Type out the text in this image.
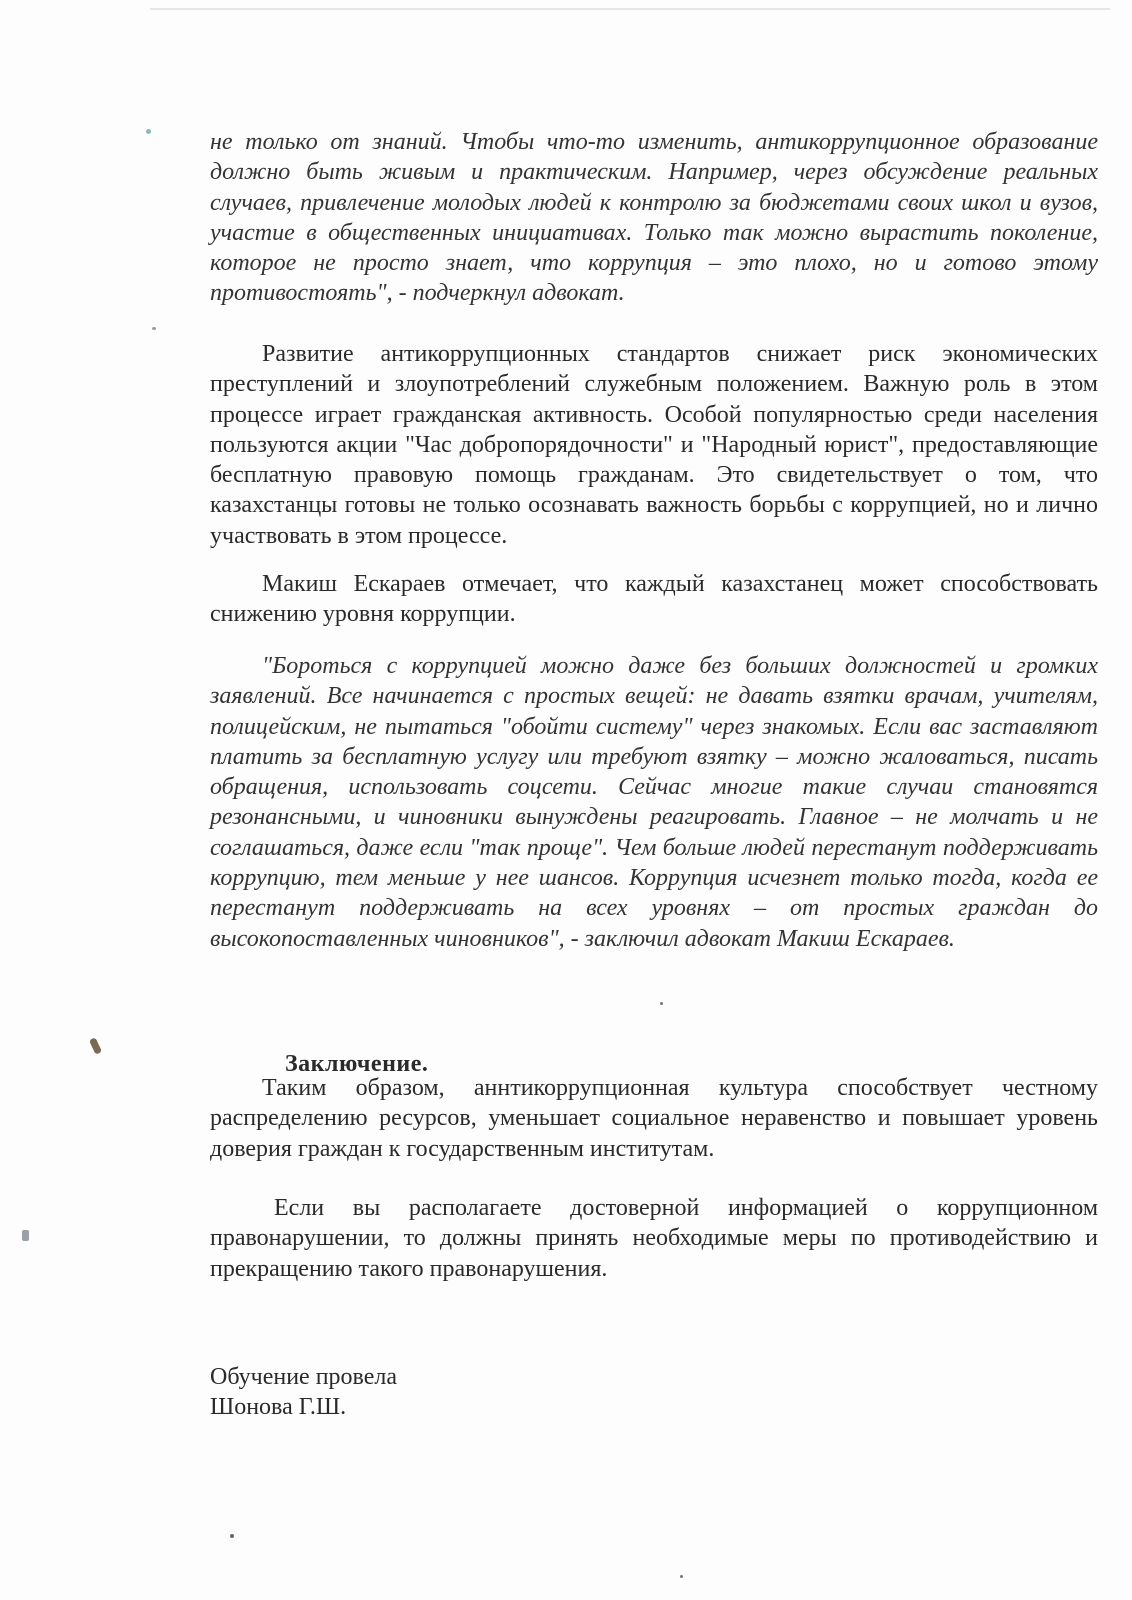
не только от знаний. Чтобы что-то изменить, антикоррупционное образование должно быть живым и практическим. Например, через обсуждение реальных случаев, привлечение молодых людей к контролю за бюджетами своих школ и вузов, участие в общественных инициативах. Только так можно вырастить поколение, которое не просто знает, что коррупция – это плохо, но и готово этому противостоять", - подчеркнул адвокат.

Развитие антикоррупционных стандартов снижает риск экономических преступлений и злоупотреблений служебным положением. Важную роль в этом процессе играет гражданская активность. Особой популярностью среди населения пользуются акции "Час добропорядочности" и "Народный юрист", предоставляющие бесплатную правовую помощь гражданам. Это свидетельствует о том, что казахстанцы готовы не только осознавать важность борьбы с коррупцией, но и лично участвовать в этом процессе.

Макиш Ескараев отмечает, что каждый казахстанец может способствовать снижению уровня коррупции.

"Бороться с коррупцией можно даже без больших должностей и громких заявлений. Все начинается с простых вещей: не давать взятки врачам, учителям, полицейским, не пытаться "обойти систему" через знакомых. Если вас заставляют платить за бесплатную услугу или требуют взятку – можно жаловаться, писать обращения, использовать соцсети. Сейчас многие такие случаи становятся резонансными, и чиновники вынуждены реагировать. Главное – не молчать и не соглашаться, даже если "так проще". Чем больше людей перестанут поддерживать коррупцию, тем меньше у нее шансов. Коррупция исчезнет только тогда, когда ее перестанут поддерживать на всех уровнях – от простых граждан до высокопоставленных чиновников", - заключил адвокат Макиш Ескараев.

Заключение.

Таким образом, аннтикоррупционная культура способствует честному распределению ресурсов, уменьшает социальное неравенство и повышает уровень доверия граждан к государственным институтам.

Если вы располагаете достоверной информацией о коррупционном правонарушении, то должны принять необходимые меры по противодействию и прекращению такого правонарушения.

Обучение провела

Шонова Г.Ш.
